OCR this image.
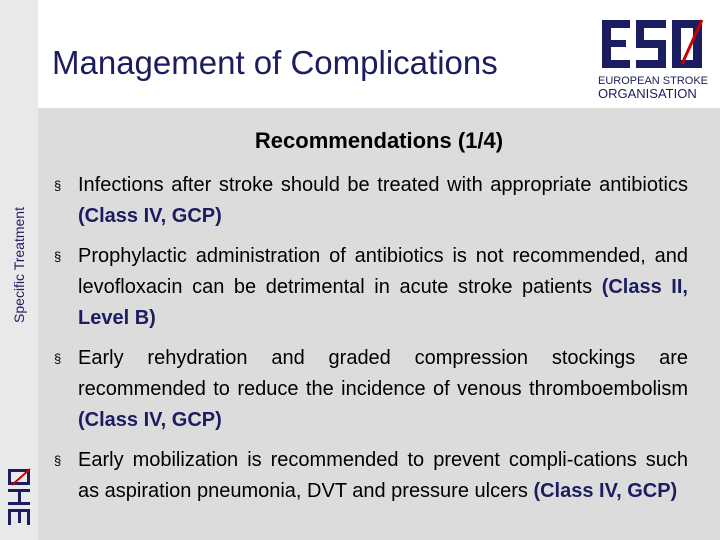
Specific Treatment
Management of Complications	EUROPEAN STROKE
ORGANISATION
Recommendations (1/4)
§ Infections after stroke should be treated with appropriate antibiotics (Class IV, GCP)
§ Prophylactic administration of antibiotics is not recommended, and levofloxacin can be detrimental in acute stroke patients (Class II, Level B)
§ Early rehydration and graded compression stockings are recommended to reduce the incidence of venous thromboembolism (Class IV, GCP)
§ Early mobilization is recommended to prevent compli-cations such as aspiration pneumonia, DVT and pressure ulcers (Class IV, GCP)
